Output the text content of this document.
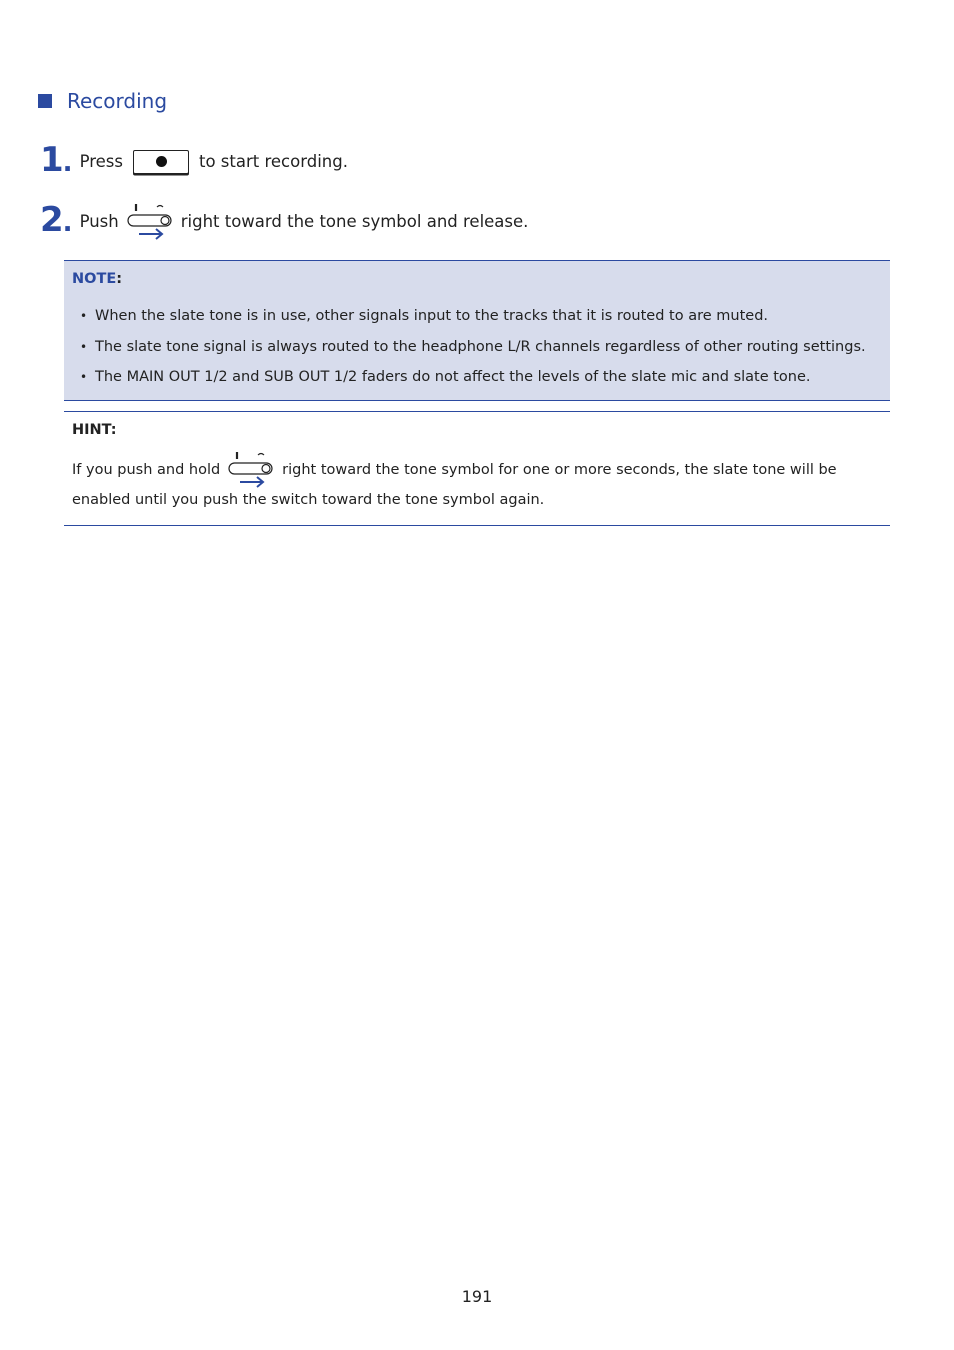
Recording
1. Press	to start recording.
2. Push	right toward the tone symbol and release.
NOTE:
• When the slate tone is in use, other signals input to the tracks that it is routed to are muted.
• The slate tone signal is always routed to the headphone L/R channels regardless of other routing settings.
• The MAIN OUT 1/2 and SUB OUT 1/2 faders do not affect the levels of the slate mic and slate tone.
HINT:
If you push and hold	right toward the tone symbol for one or more seconds, the slate tone will be
enabled until you push the switch toward the tone symbol again.
191
